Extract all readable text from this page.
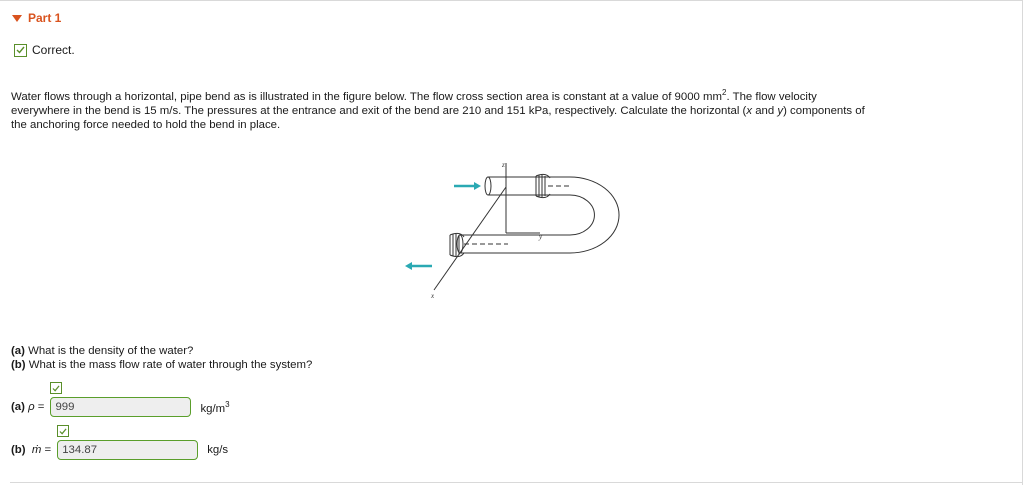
Part 1
Correct.
Water flows through a horizontal, pipe bend as is illustrated in the figure below. The flow cross section area is constant at a value of 9000 $mm^2$. The flow velocity
everywhere in the bend is 15 m/s. The pressures at the entrance and exit of the bend are 210 and 151 kPa, respectively. Calculate the horizontal (x and y) components of
the anchoring force needed to hold the bend in place.
z
y
x
(a) What is the density of the water?
(b) What is the mass flow rate of water through the system?
(a) ρ =
999	$kg/m^3$
(b) ṁ =
134.87	kg/s
